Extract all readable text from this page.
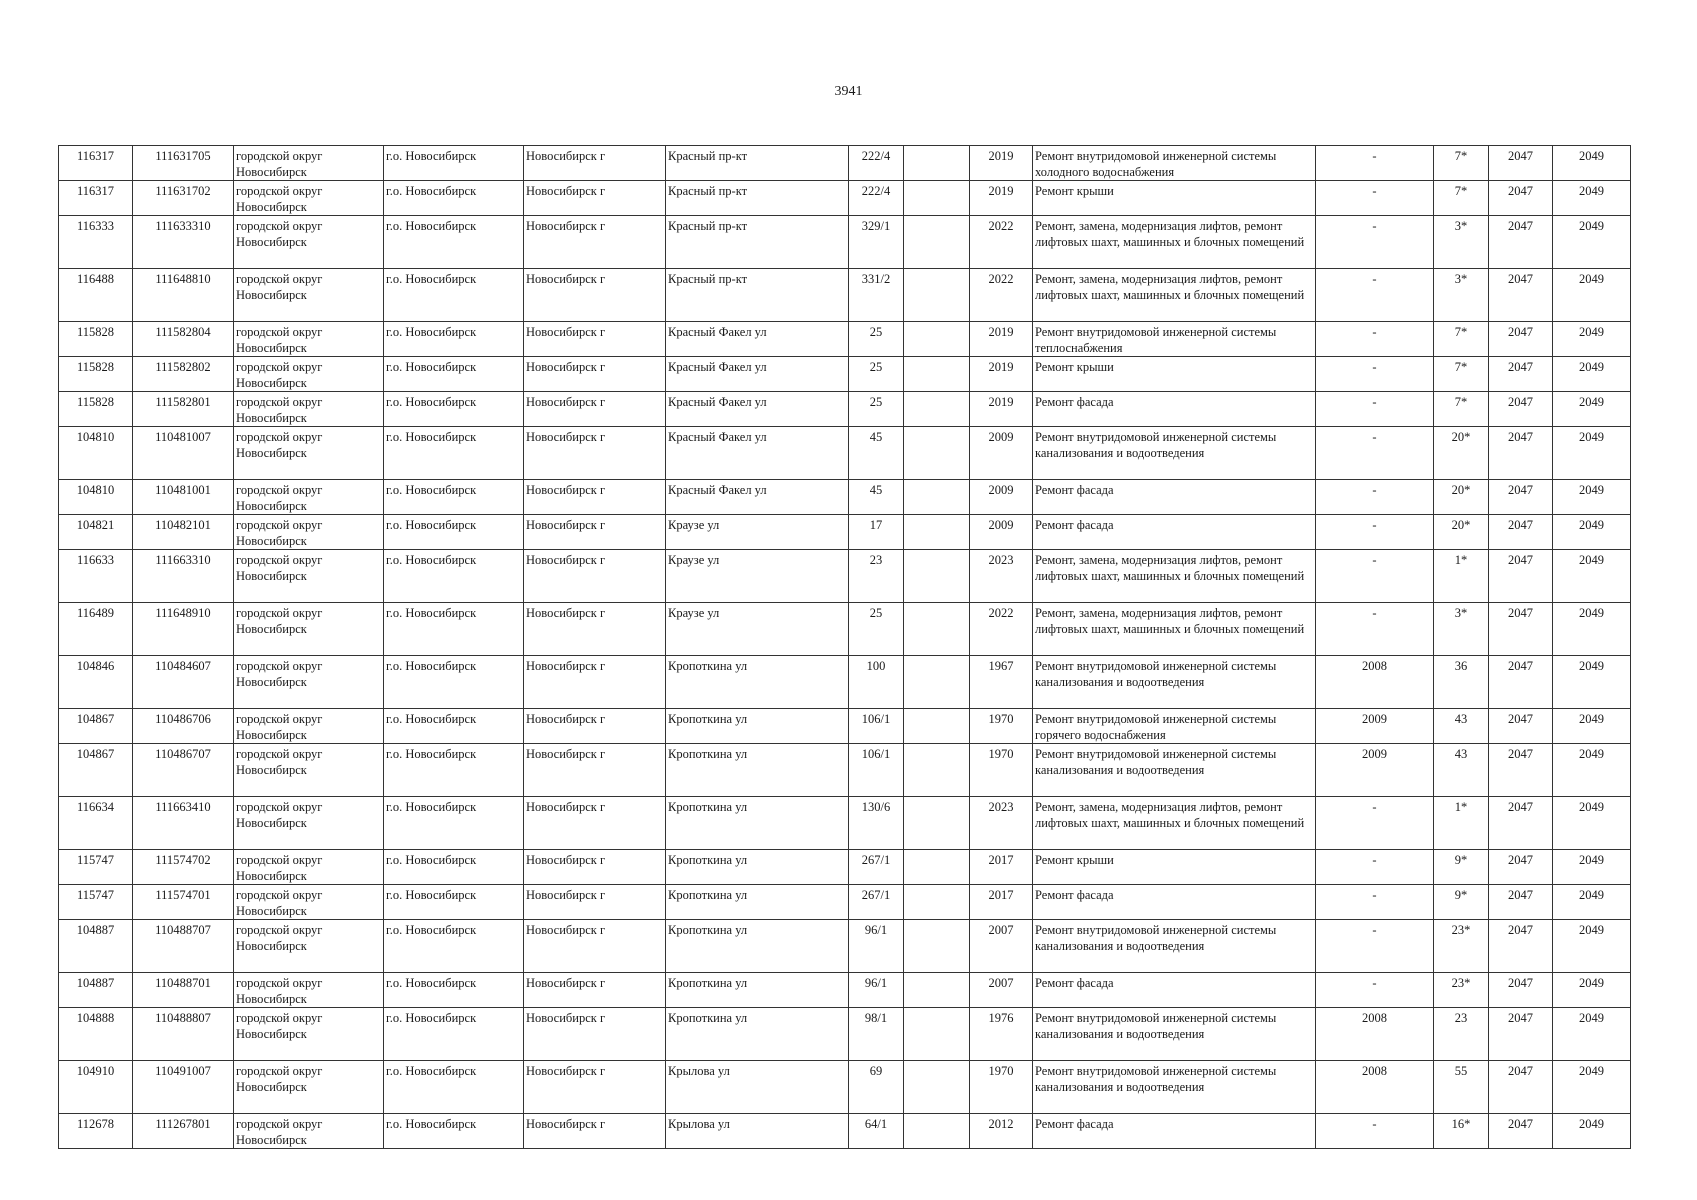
3941
116317	111631705	городской округ Новосибирск	г.о. Новосибирск	Новосибирск г	Красный пр-кт	222/4		2019	Ремонт внутридомовой инженерной системы холодного водоснабжения	-	7*	2047	2049
116317	111631702	городской округ Новосибирск	г.о. Новосибирск	Новосибирск г	Красный пр-кт	222/4		2019	Ремонт крыши	-	7*	2047	2049
116333	111633310	городской округ Новосибирск	г.о. Новосибирск	Новосибирск г	Красный пр-кт	329/1		2022	Ремонт, замена, модернизация лифтов, ремонт лифтовых шахт, машинных и блочных помещений	-	3*	2047	2049
116488	111648810	городской округ Новосибирск	г.о. Новосибирск	Новосибирск г	Красный пр-кт	331/2		2022	Ремонт, замена, модернизация лифтов, ремонт лифтовых шахт, машинных и блочных помещений	-	3*	2047	2049
115828	111582804	городской округ Новосибирск	г.о. Новосибирск	Новосибирск г	Красный Факел ул	25		2019	Ремонт внутридомовой инженерной системы теплоснабжения	-	7*	2047	2049
115828	111582802	городской округ Новосибирск	г.о. Новосибирск	Новосибирск г	Красный Факел ул	25		2019	Ремонт крыши	-	7*	2047	2049
115828	111582801	городской округ Новосибирск	г.о. Новосибирск	Новосибирск г	Красный Факел ул	25		2019	Ремонт фасада	-	7*	2047	2049
104810	110481007	городской округ Новосибирск	г.о. Новосибирск	Новосибирск г	Красный Факел ул	45		2009	Ремонт внутридомовой инженерной системы канализования и водоотведения	-	20*	2047	2049
104810	110481001	городской округ Новосибирск	г.о. Новосибирск	Новосибирск г	Красный Факел ул	45		2009	Ремонт фасада	-	20*	2047	2049
104821	110482101	городской округ Новосибирск	г.о. Новосибирск	Новосибирск г	Краузе ул	17		2009	Ремонт фасада	-	20*	2047	2049
116633	111663310	городской округ Новосибирск	г.о. Новосибирск	Новосибирск г	Краузе ул	23		2023	Ремонт, замена, модернизация лифтов, ремонт лифтовых шахт, машинных и блочных помещений	-	1*	2047	2049
116489	111648910	городской округ Новосибирск	г.о. Новосибирск	Новосибирск г	Краузе ул	25		2022	Ремонт, замена, модернизация лифтов, ремонт лифтовых шахт, машинных и блочных помещений	-	3*	2047	2049
104846	110484607	городской округ Новосибирск	г.о. Новосибирск	Новосибирск г	Кропоткина ул	100		1967	Ремонт внутридомовой инженерной системы канализования и водоотведения	2008	36	2047	2049
104867	110486706	городской округ Новосибирск	г.о. Новосибирск	Новосибирск г	Кропоткина ул	106/1		1970	Ремонт внутридомовой инженерной системы горячего водоснабжения	2009	43	2047	2049
104867	110486707	городской округ Новосибирск	г.о. Новосибирск	Новосибирск г	Кропоткина ул	106/1		1970	Ремонт внутридомовой инженерной системы канализования и водоотведения	2009	43	2047	2049
116634	111663410	городской округ Новосибирск	г.о. Новосибирск	Новосибирск г	Кропоткина ул	130/6		2023	Ремонт, замена, модернизация лифтов, ремонт лифтовых шахт, машинных и блочных помещений	-	1*	2047	2049
115747	111574702	городской округ Новосибирск	г.о. Новосибирск	Новосибирск г	Кропоткина ул	267/1		2017	Ремонт крыши	-	9*	2047	2049
115747	111574701	городской округ Новосибирск	г.о. Новосибирск	Новосибирск г	Кропоткина ул	267/1		2017	Ремонт фасада	-	9*	2047	2049
104887	110488707	городской округ Новосибирск	г.о. Новосибирск	Новосибирск г	Кропоткина ул	96/1		2007	Ремонт внутридомовой инженерной системы канализования и водоотведения	-	23*	2047	2049
104887	110488701	городской округ Новосибирск	г.о. Новосибирск	Новосибирск г	Кропоткина ул	96/1		2007	Ремонт фасада	-	23*	2047	2049
104888	110488807	городской округ Новосибирск	г.о. Новосибирск	Новосибирск г	Кропоткина ул	98/1		1976	Ремонт внутридомовой инженерной системы канализования и водоотведения	2008	23	2047	2049
104910	110491007	городской округ Новосибирск	г.о. Новосибирск	Новосибирск г	Крылова ул	69		1970	Ремонт внутридомовой инженерной системы канализования и водоотведения	2008	55	2047	2049
112678	111267801	городской округ Новосибирск	г.о. Новосибирск	Новосибирск г	Крылова ул	64/1		2012	Ремонт фасада	-	16*	2047	2049
